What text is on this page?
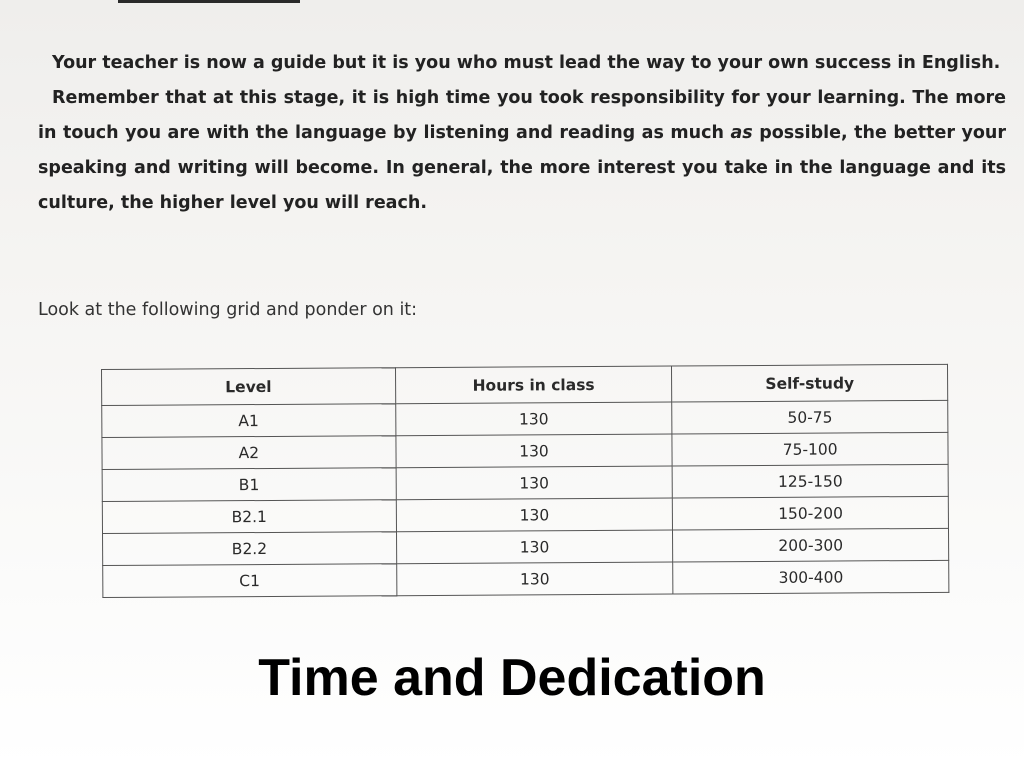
Your teacher is now a guide but it is you who must lead the way to your own success in English.

Remember that at this stage, it is high time you took responsibility for your learning. The more in touch you are with the language by listening and reading as much as possible, the better your speaking and writing will become. In general, the more interest you take in the language and its culture, the higher level you will reach.

Look at the following grid and ponder on it:

Level	Hours in class	Self-study
A1	130	50-75
A2	130	75-100
B1	130	125-150
B2.1	130	150-200
B2.2	130	200-300
C1	130	300-400
Time and Dedication
